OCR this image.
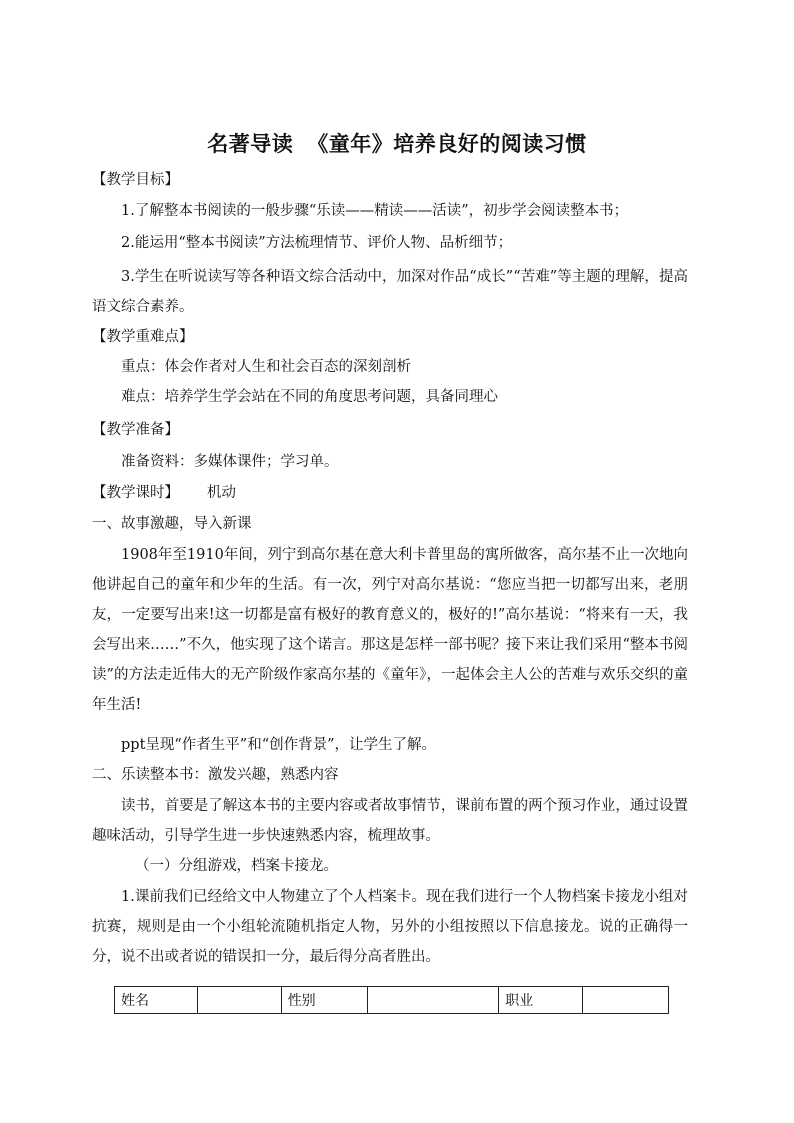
名著导读 《童年》培养良好的阅读习惯
【教学目标】
1.了解整本书阅读的一般步骤“乐读——精读——活读”，初步学会阅读整本书；
2.能运用“整本书阅读”方法梳理情节、评价人物、品析细节；
3.学生在听说读写等各种语文综合活动中，加深对作品“成长”“苦难”等主题的理解，提高语文综合素养。
【教学重难点】
重点：体会作者对人生和社会百态的深刻剖析
难点：培养学生学会站在不同的角度思考问题，具备同理心
【教学准备】
准备资料：多媒体课件；学习单。
【教学课时】 机动
一、故事激趣，导入新课
1908年至1910年间，列宁到高尔基在意大利卡普里岛的寓所做客，高尔基不止一次地向他讲起自己的童年和少年的生活。有一次，列宁对高尔基说：“您应当把一切都写出来，老朋友，一定要写出来!这一切都是富有极好的教育意义的，极好的!”高尔基说：“将来有一天，我会写出来……”不久，他实现了这个诺言。那这是怎样一部书呢？接下来让我们采用“整本书阅读”的方法走近伟大的无产阶级作家高尔基的《童年》，一起体会主人公的苦难与欢乐交织的童年生活!
ppt呈现“作者生平”和“创作背景”，让学生了解。
二、乐读整本书：激发兴趣，熟悉内容
读书，首要是了解这本书的主要内容或者故事情节，课前布置的两个预习作业，通过设置趣味活动，引导学生进一步快速熟悉内容，梳理故事。
（一）分组游戏，档案卡接龙。
1.课前我们已经给文中人物建立了个人档案卡。现在我们进行一个人物档案卡接龙小组对抗赛，规则是由一个小组轮流随机指定人物，另外的小组按照以下信息接龙。说的正确得一分，说不出或者说的错误扣一分，最后得分高者胜出。
姓名		性别		职业	
